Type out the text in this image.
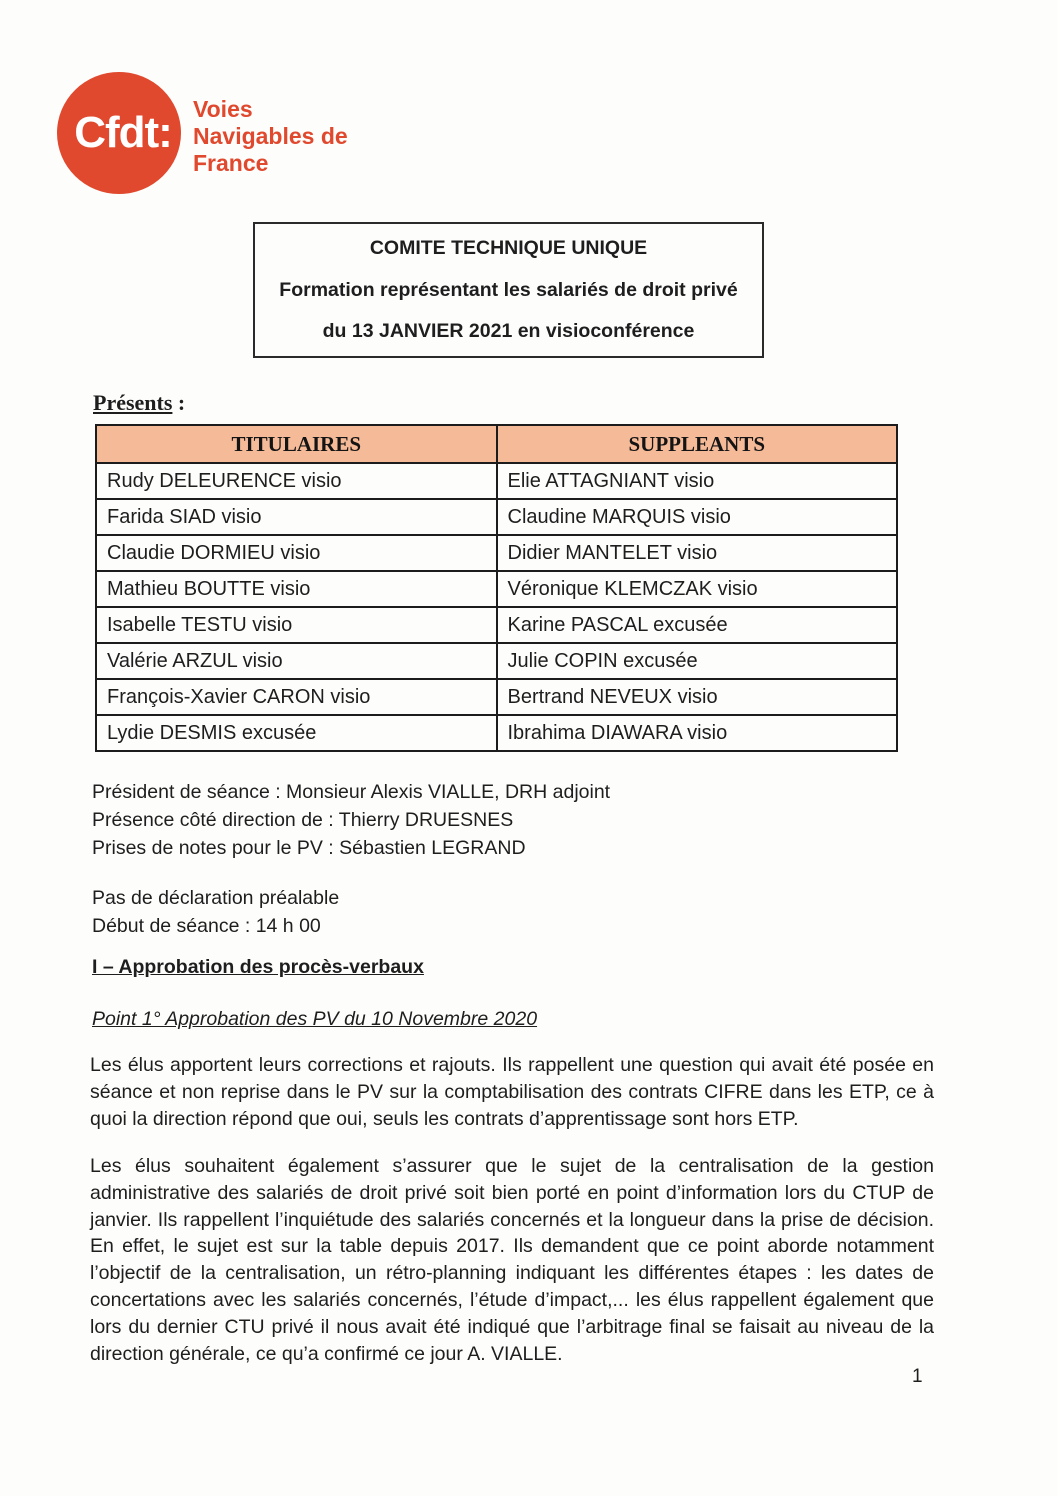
Cfdt: Voies
Navigables de
France
COMITE TECHNIQUE UNIQUE
Formation représentant les salariés de droit privé
du 13 JANVIER 2021 en visioconférence
Présents :
TITULAIRES	SUPPLEANTS
Rudy DELEURENCE visio	Elie ATTAGNIANT visio
Farida SIAD visio	Claudine MARQUIS visio
Claudie DORMIEU visio	Didier MANTELET visio
Mathieu BOUTTE visio	Véronique KLEMCZAK visio
Isabelle TESTU visio	Karine PASCAL excusée
Valérie ARZUL visio	Julie COPIN excusée
François-Xavier CARON visio	Bertrand NEVEUX visio
Lydie DESMIS excusée	Ibrahima DIAWARA visio
Président de séance : Monsieur Alexis VIALLE, DRH adjoint
Présence côté direction de : Thierry DRUESNES
Prises de notes pour le PV : Sébastien LEGRAND
Pas de déclaration préalable
Début de séance : 14 h 00
I – Approbation des procès-verbaux
Point 1° Approbation des PV du 10 Novembre 2020
Les élus apportent leurs corrections et rajouts. Ils rappellent une question qui avait été posée en séance et non reprise dans le PV sur la comptabilisation des contrats CIFRE dans les ETP, ce à quoi la direction répond que oui, seuls les contrats d’apprentissage sont hors ETP.
Les élus souhaitent également s’assurer que le sujet de la centralisation de la gestion administrative des salariés de droit privé soit bien porté en point d’information lors du CTUP de janvier. Ils rappellent l’inquiétude des salariés concernés et la longueur dans la prise de décision. En effet, le sujet est sur la table depuis 2017. Ils demandent que ce point aborde notamment l’objectif de la centralisation, un rétro-planning indiquant les différentes étapes : les dates de concertations avec les salariés concernés, l’étude d’impact,... les élus rappellent également que lors du dernier CTU privé il nous avait été indiqué que l’arbitrage final se faisait au niveau de la direction générale, ce qu’a confirmé ce jour A. VIALLE.
1
